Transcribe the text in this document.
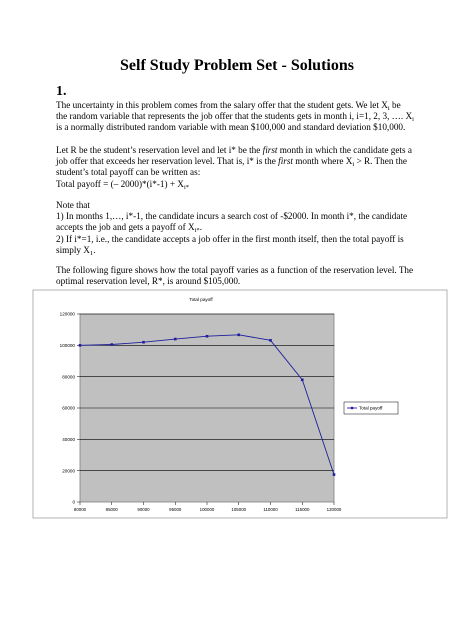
Self Study Problem Set - Solutions
1.
The uncertainty in this problem comes from the salary offer that the student gets. We let $X_i$ be
the random variable that represents the job offer that the students gets in month i, i=1, 2, 3, …. $X_i$
is a normally distributed random variable with mean $100,000 and standard deviation $10,000.
Let R be the student’s reservation level and let i* be the first month in which the candidate gets a
job offer that exceeds her reservation level. That is, i* is the first month where $X_i > R$. Then the
student’s total payoff can be written as:
Total payoff = (– $2000)*(i*-1) + X_{i*}$
Note that
1) In months 1,…, i*-1, the candidate incurs a search cost of -$2000. In month i*, the candidate
accepts the job and gets a payoff of $X_{i*}$.
2) If i*=1, i.e., the candidate accepts a job offer in the first month itself, then the total payoff is
simply $X_1$.
The following figure shows how the total payoff varies as a function of the reservation level. The
optimal reservation level, R*, is around $105,000.
Total payoff
0
20000
40000
60000
80000
100000
120000
80000	85000	90000	95000	100000	105000	110000	115000	120000
Total payoff
